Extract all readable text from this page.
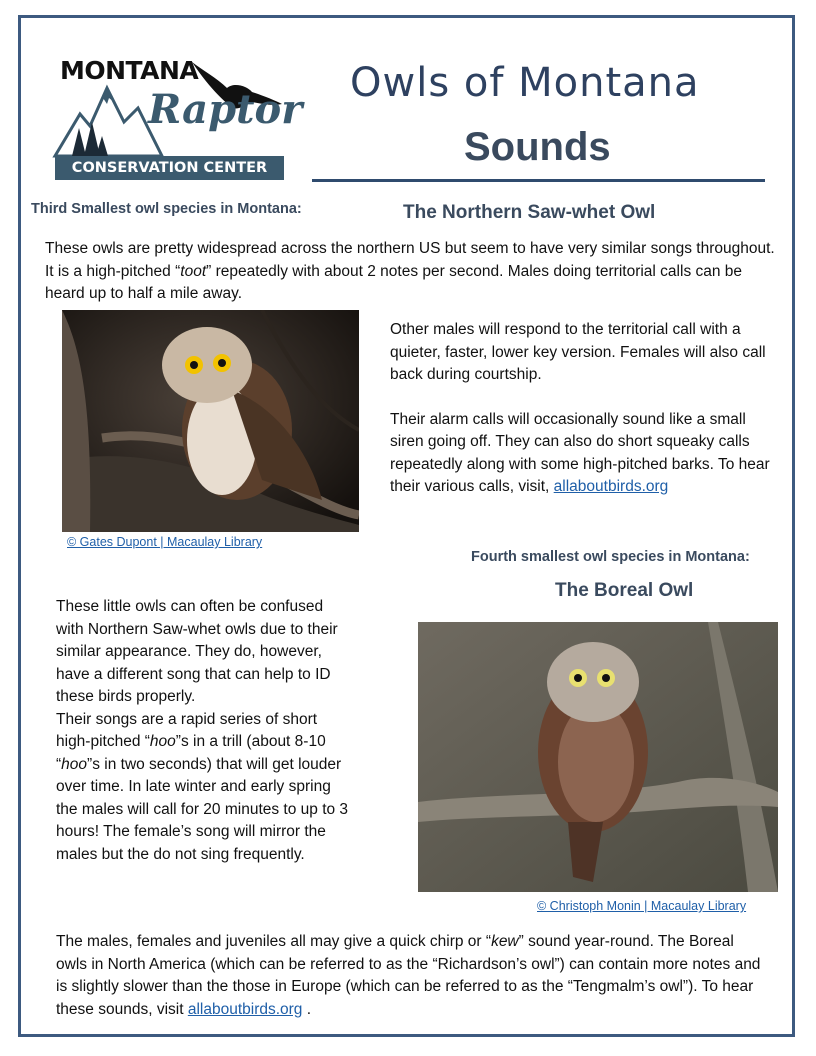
MONTANA
Raptor
CONSERVATION CENTER
Owls of Montana
Sounds
Third Smallest owl species in Montana:	The Northern Saw-whet Owl

These owls are pretty widespread across the northern US but seem to have very similar songs throughout. It is a high-pitched “toot” repeatedly with about 2 notes per second. Males doing territorial calls can be heard up to half a mile away.

© Gates Dupont | Macaulay Library

Other males will respond to the territorial call with a quieter, faster, lower key version. Females will also call back during courtship.

Their alarm calls will occasionally sound like a small siren going off. They can also do short squeaky calls repeatedly along with some high-pitched barks. To hear their various calls, visit, allaboutbirds.org

Fourth smallest owl species in Montana:
The Boreal Owl

These little owls can often be confused with Northern Saw-whet owls due to their similar appearance. They do, however, have a different song that can help to ID these birds properly.

Their songs are a rapid series of short high-pitched “hoo”s in a trill (about 8-10 “hoo”s in two seconds) that will get louder over time. In late winter and early spring the males will call for 20 minutes to up to 3 hours! The female’s song will mirror the males but the do not sing frequently.

© Christoph Monin | Macaulay Library

The males, females and juveniles all may give a quick chirp or “kew” sound year-round. The Boreal owls in North America (which can be referred to as the “Richardson’s owl”) can contain more notes and is slightly slower than the those in Europe (which can be referred to as the “Tengmalm’s owl”). To hear these sounds, visit allaboutbirds.org .
